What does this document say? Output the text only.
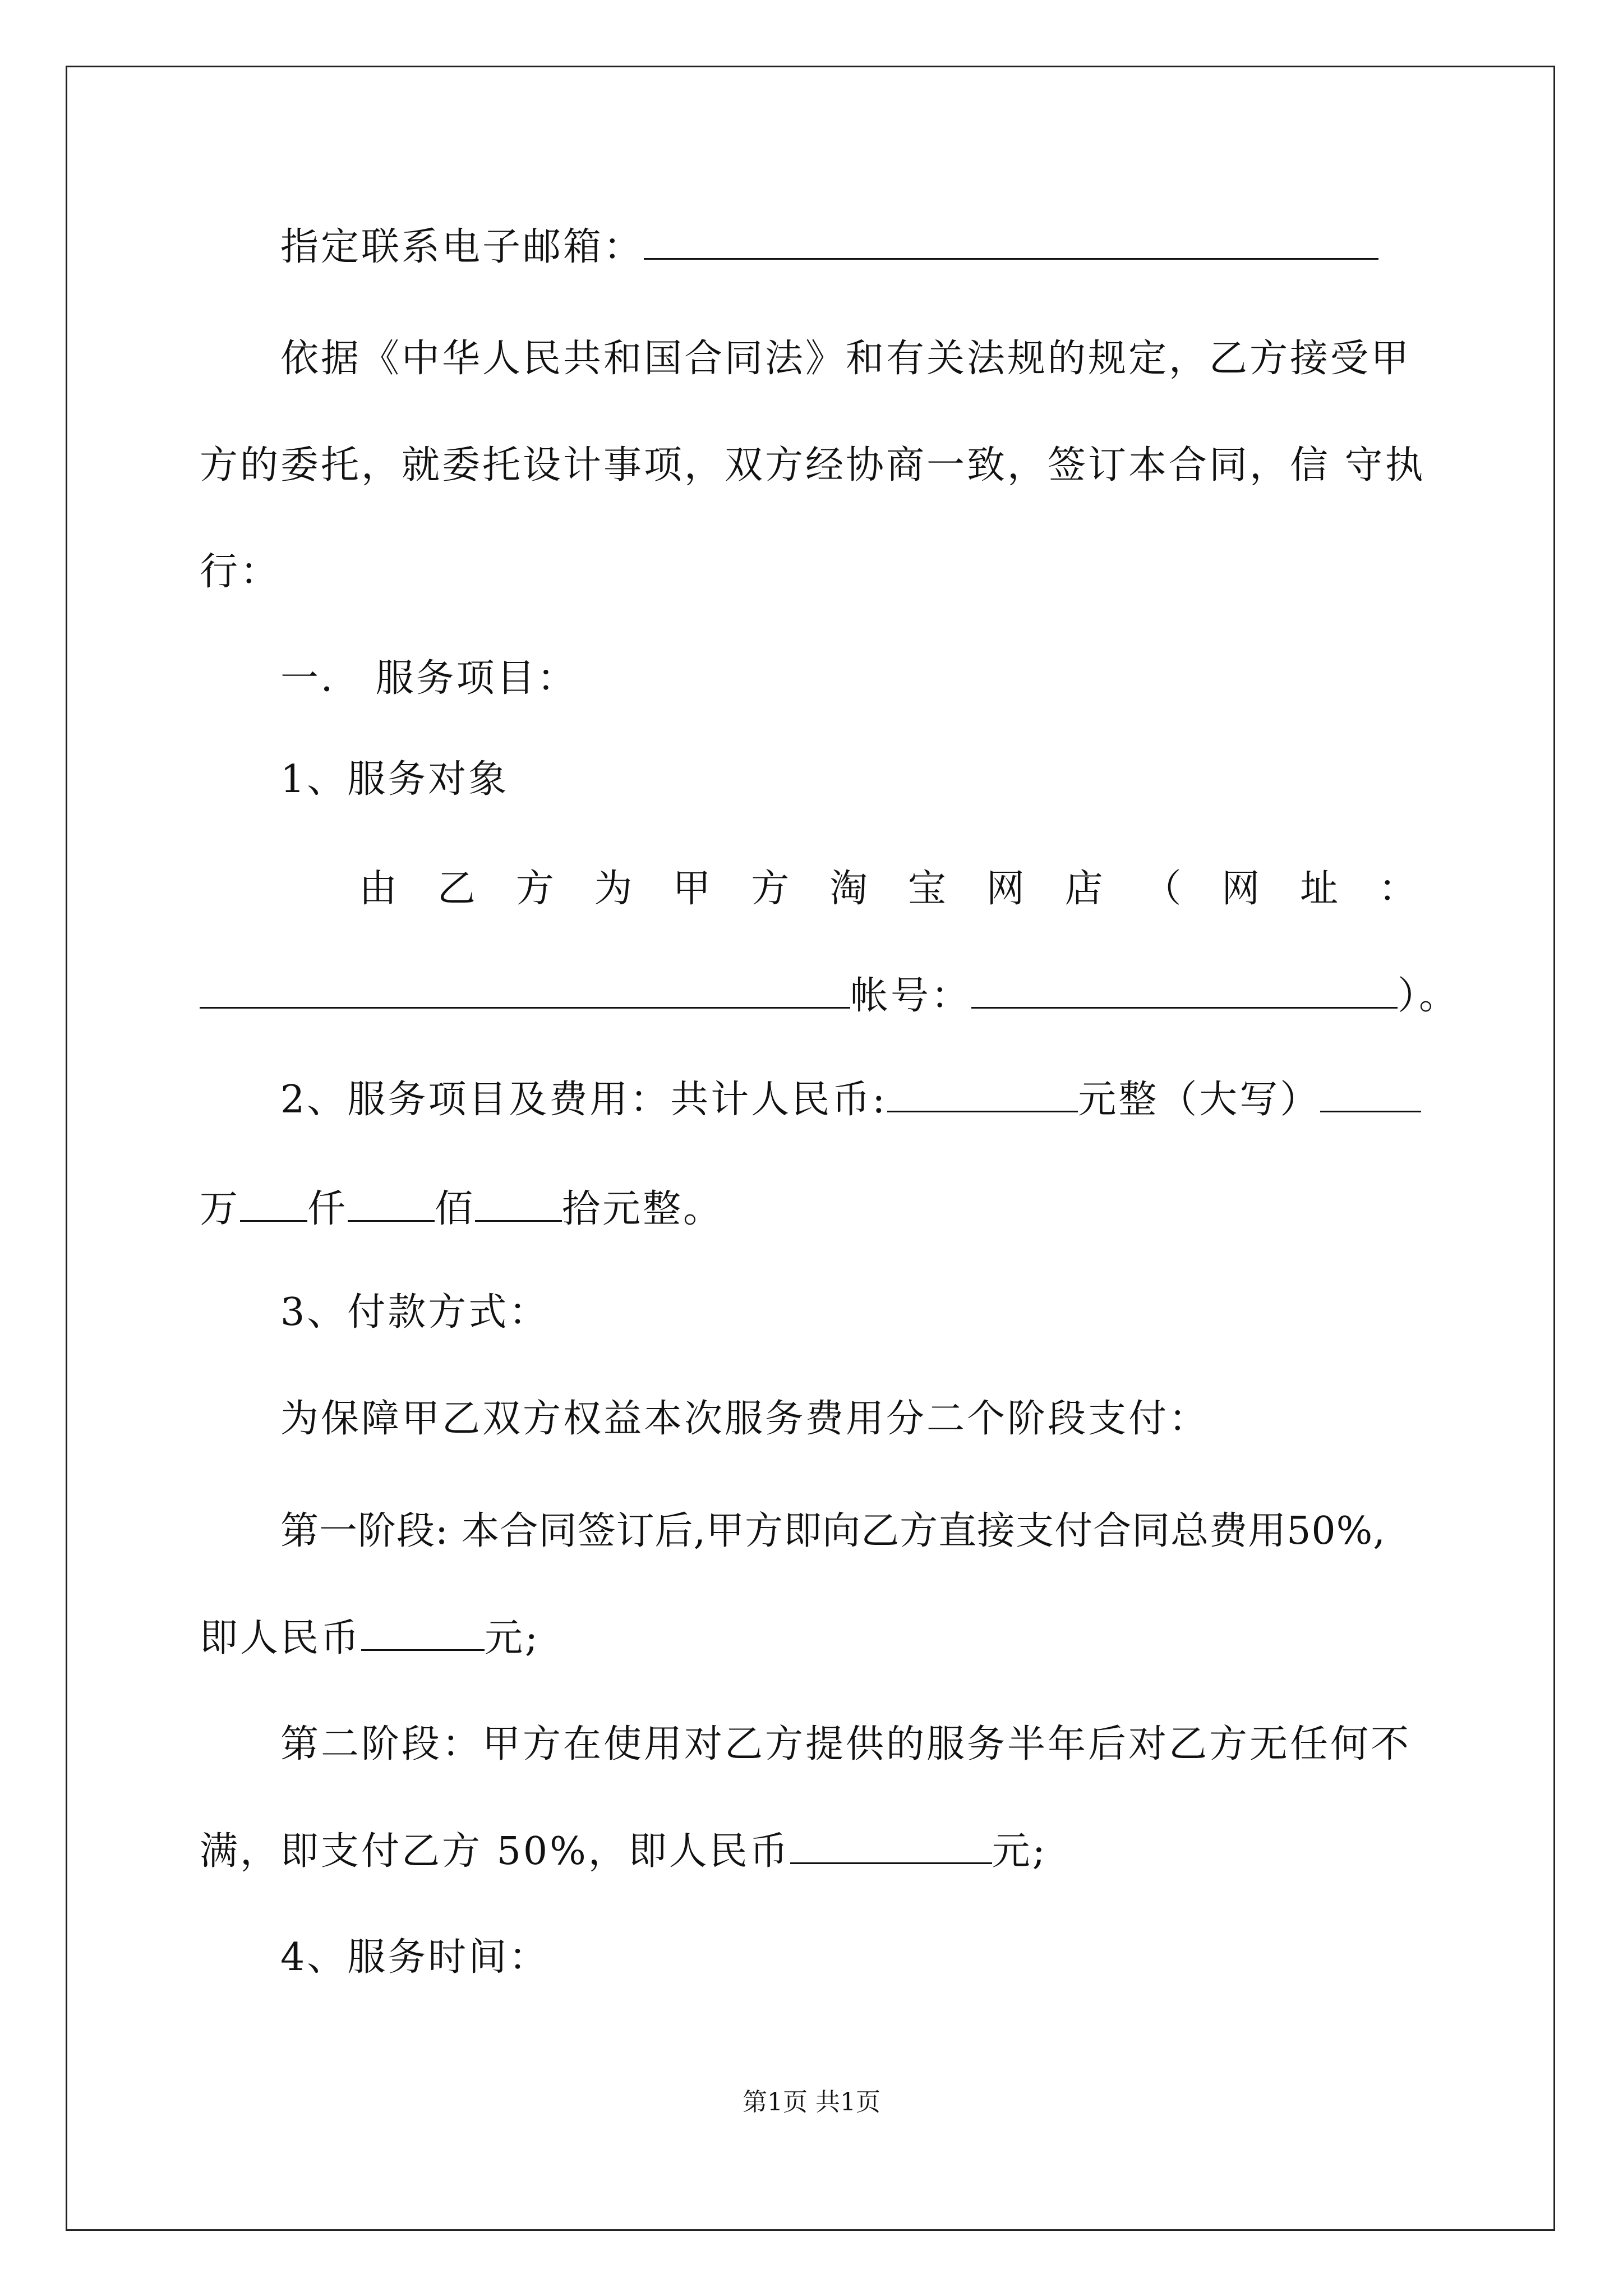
指定联系电子邮箱：
依据《中华人民共和国合同法》和有关法规的规定，乙方接受甲
方的委托，就委托设计事项，双方经协商一致，签订本合同，信 守执
行：
一． 服务项目：
1、服务对象
由 乙 方 为 甲 方 淘 宝 网 店 （ 网 址 ：
帐号：	）。
2、服务项目及费用：共计人民币:	元整（大写）
万 仟 佰 拾元整。
3、付款方式：
为保障甲乙双方权益本次服务费用分二个阶段支付：
第一阶段: 本合同签订后,甲方即向乙方直接支付合同总费用50%,
即人民币	元;
第二阶段：甲方在使用对乙方提供的服务半年后对乙方无任何不
满，即支付乙方 50%，即人民币	元;
4、服务时间：
第1页 共1页
